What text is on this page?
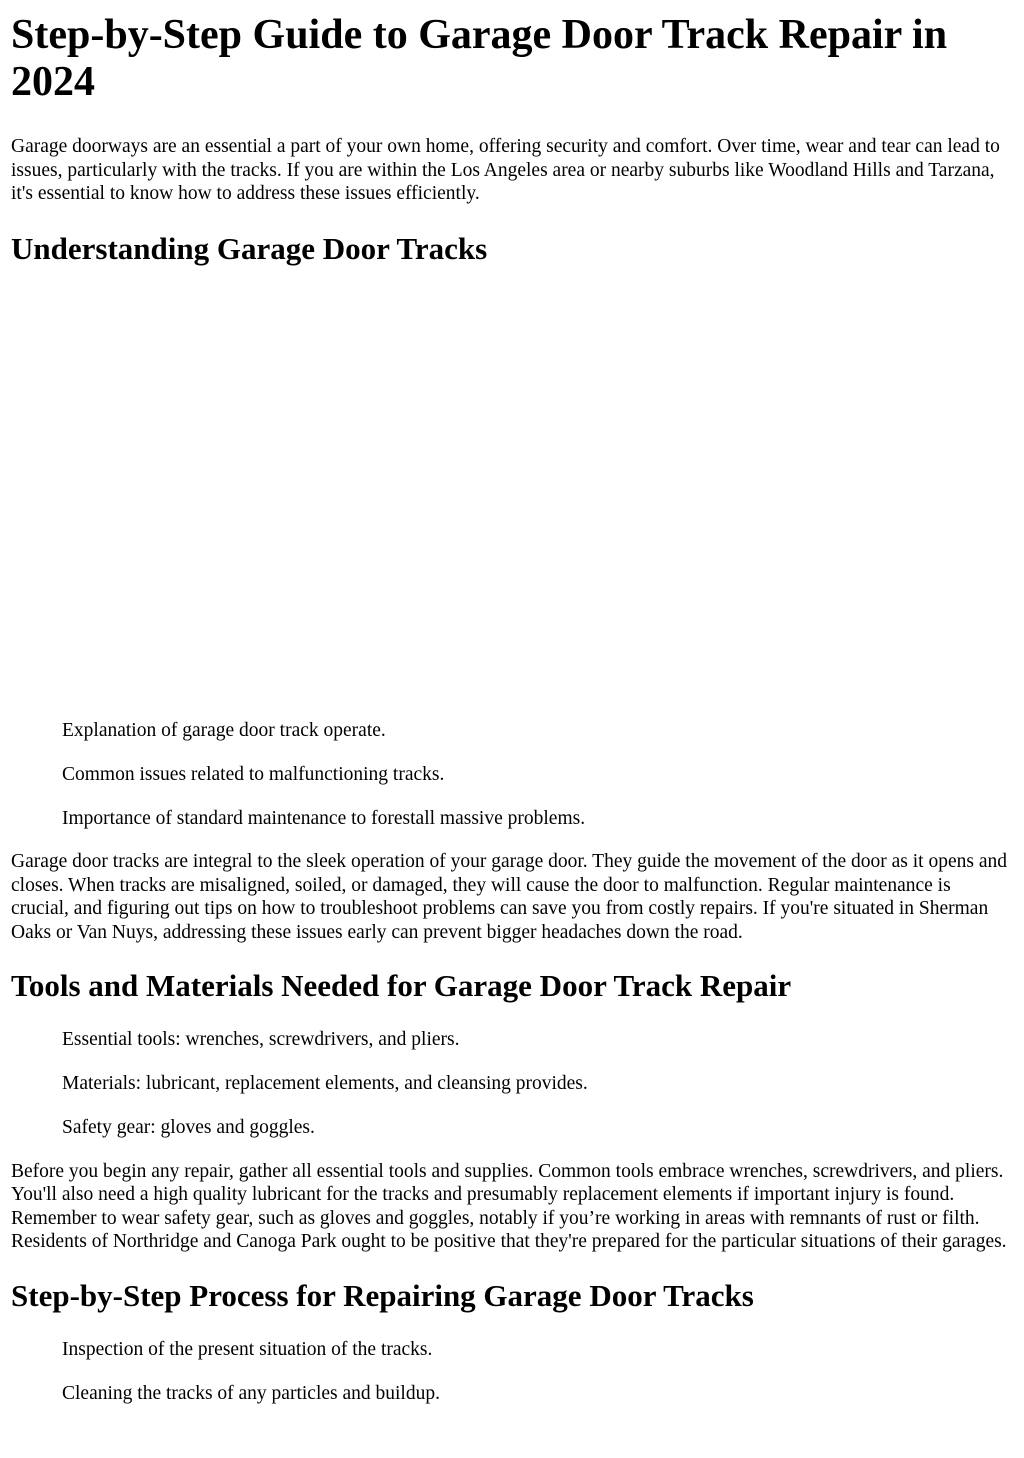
Step-by-Step Guide to Garage Door Track Repair in 2024

Garage doorways are an essential a part of your own home, offering security and comfort. Over time, wear and tear can lead to issues, particularly with the tracks. If you are within the Los Angeles area or nearby suburbs like Woodland Hills and Tarzana, it's essential to know how to address these issues efficiently.

Understanding Garage Door Tracks

Explanation of garage door track operate.

Common issues related to malfunctioning tracks.

Importance of standard maintenance to forestall massive problems.

Garage door tracks are integral to the sleek operation of your garage door. They guide the movement of the door as it opens and closes. When tracks are misaligned, soiled, or damaged, they will cause the door to malfunction. Regular maintenance is crucial, and figuring out tips on how to troubleshoot problems can save you from costly repairs. If you're situated in Sherman Oaks or Van Nuys, addressing these issues early can prevent bigger headaches down the road.

Tools and Materials Needed for Garage Door Track Repair

Essential tools: wrenches, screwdrivers, and pliers.

Materials: lubricant, replacement elements, and cleansing provides.

Safety gear: gloves and goggles.

Before you begin any repair, gather all essential tools and supplies. Common tools embrace wrenches, screwdrivers, and pliers. You'll also need a high quality lubricant for the tracks and presumably replacement elements if important injury is found. Remember to wear safety gear, such as gloves and goggles, notably if you’re working in areas with remnants of rust or filth. Residents of Northridge and Canoga Park ought to be positive that they're prepared for the particular situations of their garages.

Step-by-Step Process for Repairing Garage Door Tracks

Inspection of the present situation of the tracks.

Cleaning the tracks of any particles and buildup.
